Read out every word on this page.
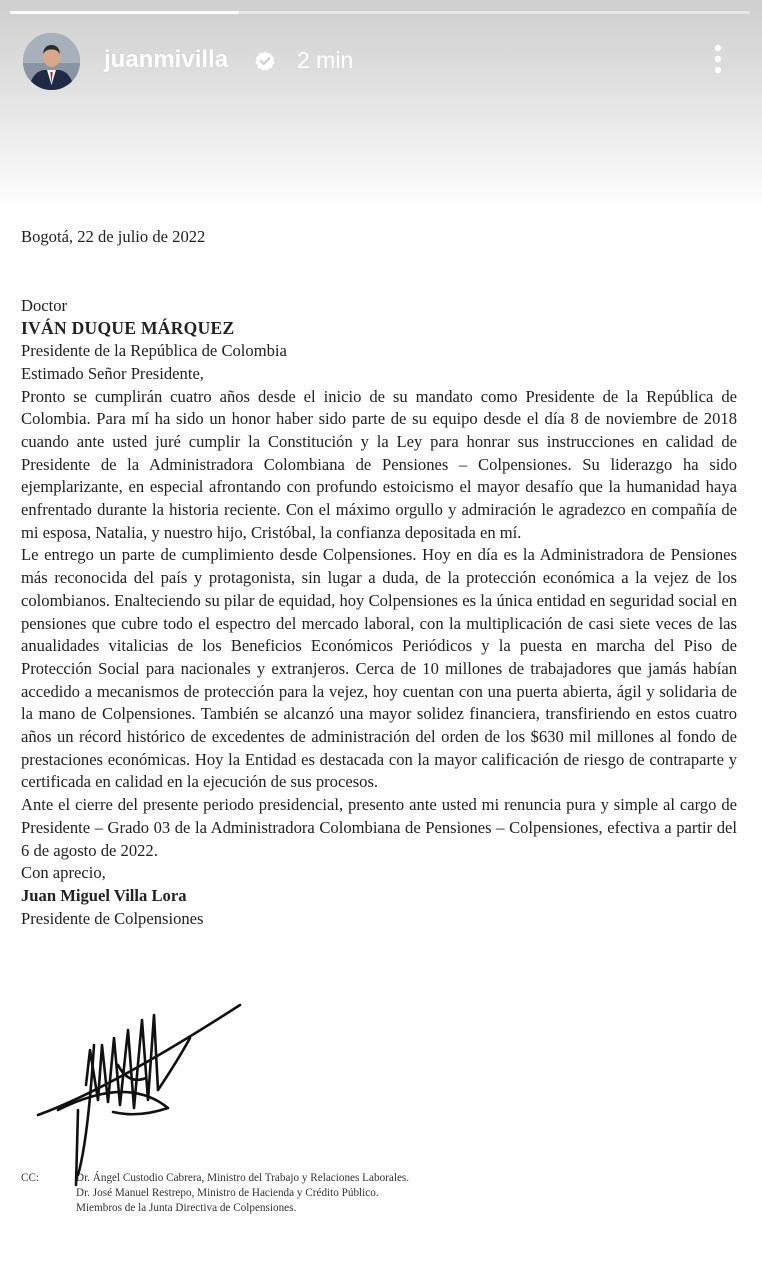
juanmivilla	2 min

Bogotá, 22 de julio de 2022

Doctor

IVÁN DUQUE MÁRQUEZ

Presidente de la República de Colombia

Estimado Señor Presidente,

Pronto se cumplirán cuatro años desde el inicio de su mandato como Presidente de la República de Colombia. Para mí ha sido un honor haber sido parte de su equipo desde el día 8 de noviembre de 2018 cuando ante usted juré cumplir la Constitución y la Ley para honrar sus instrucciones en calidad de Presidente de la Administradora Colombiana de Pensiones – Colpensiones. Su liderazgo ha sido ejemplarizante, en especial afrontando con profundo estoicismo el mayor desafío que la humanidad haya enfrentado durante la historia reciente. Con el máximo orgullo y admiración le agradezco en compañía de mi esposa, Natalia, y nuestro hijo, Cristóbal, la confianza depositada en mí.

Le entrego un parte de cumplimiento desde Colpensiones. Hoy en día es la Administradora de Pensiones más reconocida del país y protagonista, sin lugar a duda, de la protección económica a la vejez de los colombianos. Enalteciendo su pilar de equidad, hoy Colpensiones es la única entidad en seguridad social en pensiones que cubre todo el espectro del mercado laboral, con la multiplicación de casi siete veces de las anualidades vitalicias de los Beneficios Económicos Periódicos y la puesta en marcha del Piso de Protección Social para nacionales y extranjeros. Cerca de 10 millones de trabajadores que jamás habían accedido a mecanismos de protección para la vejez, hoy cuentan con una puerta abierta, ágil y solidaria de la mano de Colpensiones. También se alcanzó una mayor solidez financiera, transfiriendo en estos cuatro años un récord histórico de excedentes de administración del orden de los $630 mil millones al fondo de prestaciones económicas. Hoy la Entidad es destacada con la mayor calificación de riesgo de contraparte y certificada en calidad en la ejecución de sus procesos.

Ante el cierre del presente periodo presidencial, presento ante usted mi renuncia pura y simple al cargo de Presidente – Grado 03 de la Administradora Colombiana de Pensiones – Colpensiones, efectiva a partir del 6 de agosto de 2022.

Con aprecio,

Juan Miguel Villa Lora

Presidente de Colpensiones

CC:	Dr. Ángel Custodio Cabrera, Ministro del Trabajo y Relaciones Laborales.
Dr. José Manuel Restrepo, Ministro de Hacienda y Crédito Público.
Miembros de la Junta Directiva de Colpensiones.
